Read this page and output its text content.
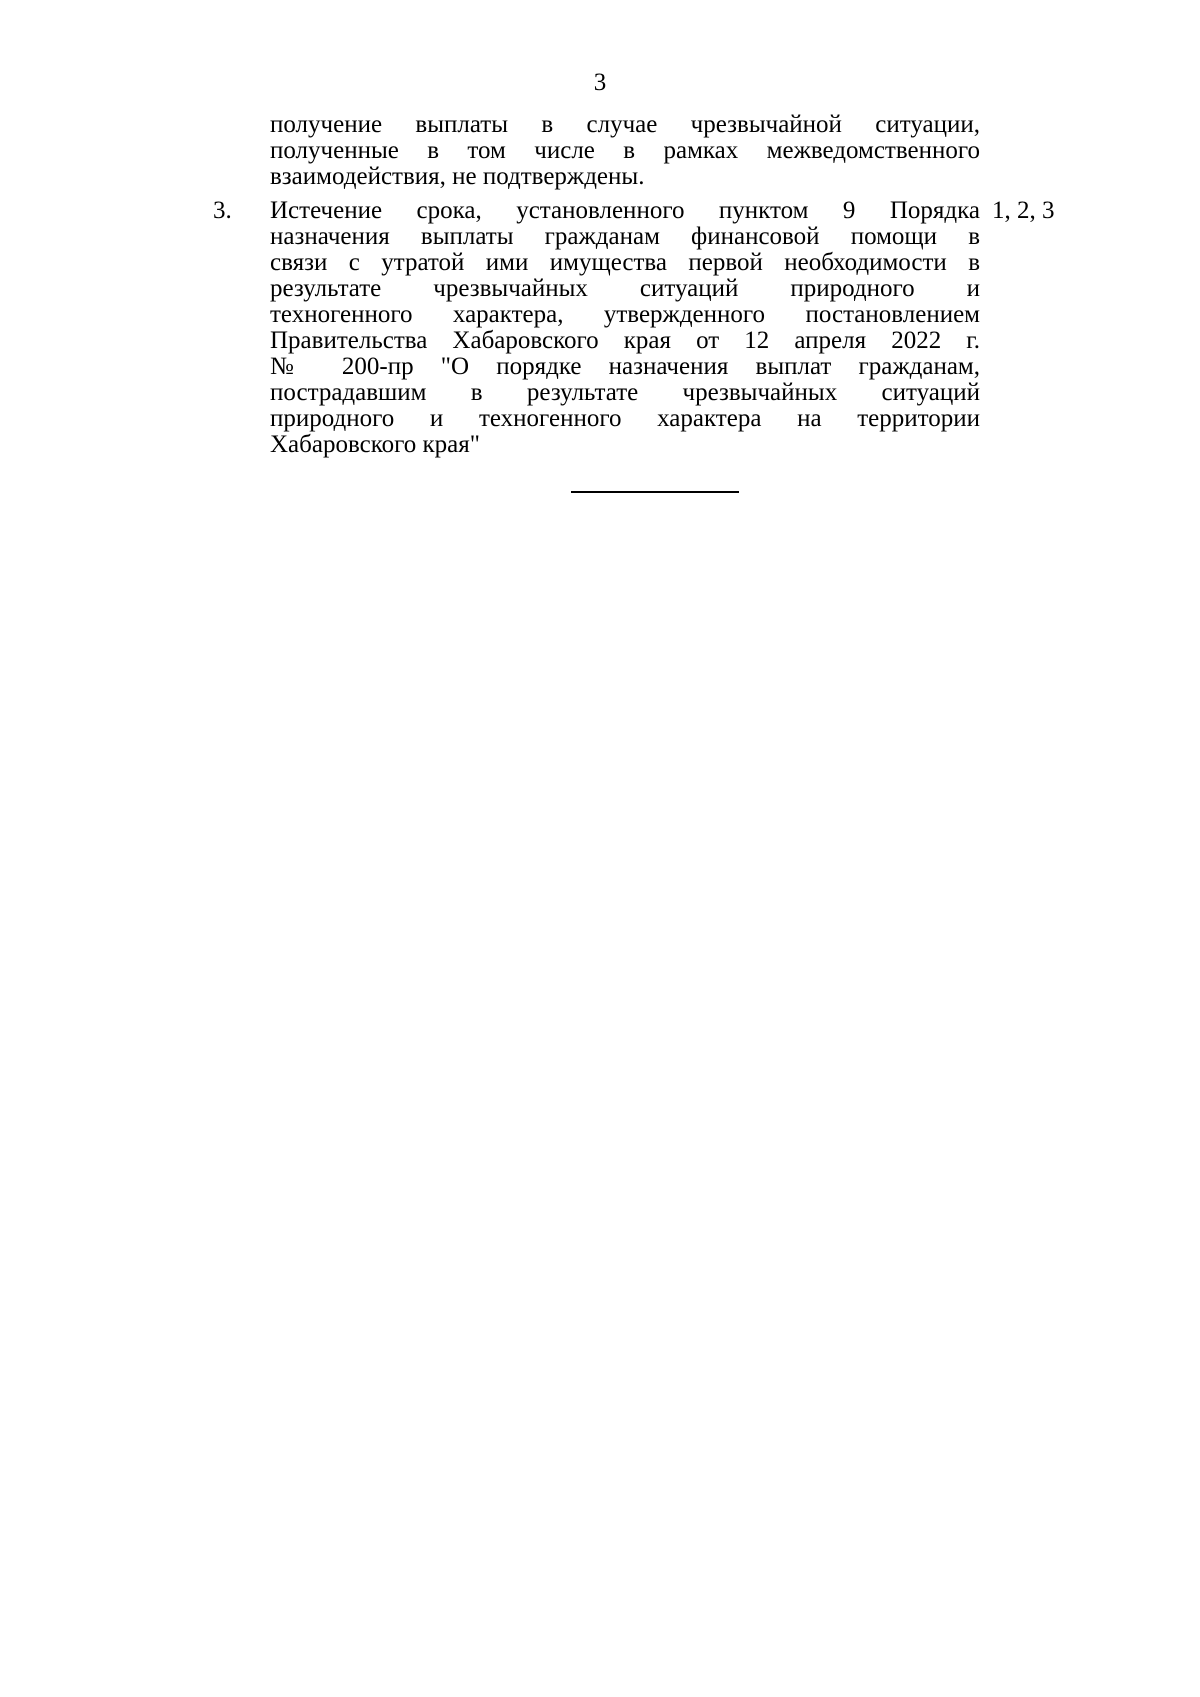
3
получение выплаты в случае чрезвычайной ситуации,
полученные в том числе в рамках межведомственного
взаимодействия, не подтверждены.
3. Истечение срока, установленного пунктом 9 Порядка
назначения выплаты гражданам финансовой помощи в
связи с утратой ими имущества первой необходимости в
результате чрезвычайных ситуаций природного и
техногенного характера, утвержденного постановлением
Правительства Хабаровского края от 12 апреля 2022 г.
№ 200-пр "О порядке назначения выплат гражданам,
пострадавшим в результате чрезвычайных ситуаций
природного и техногенного характера на территории
Хабаровского края"
1, 2, 3
